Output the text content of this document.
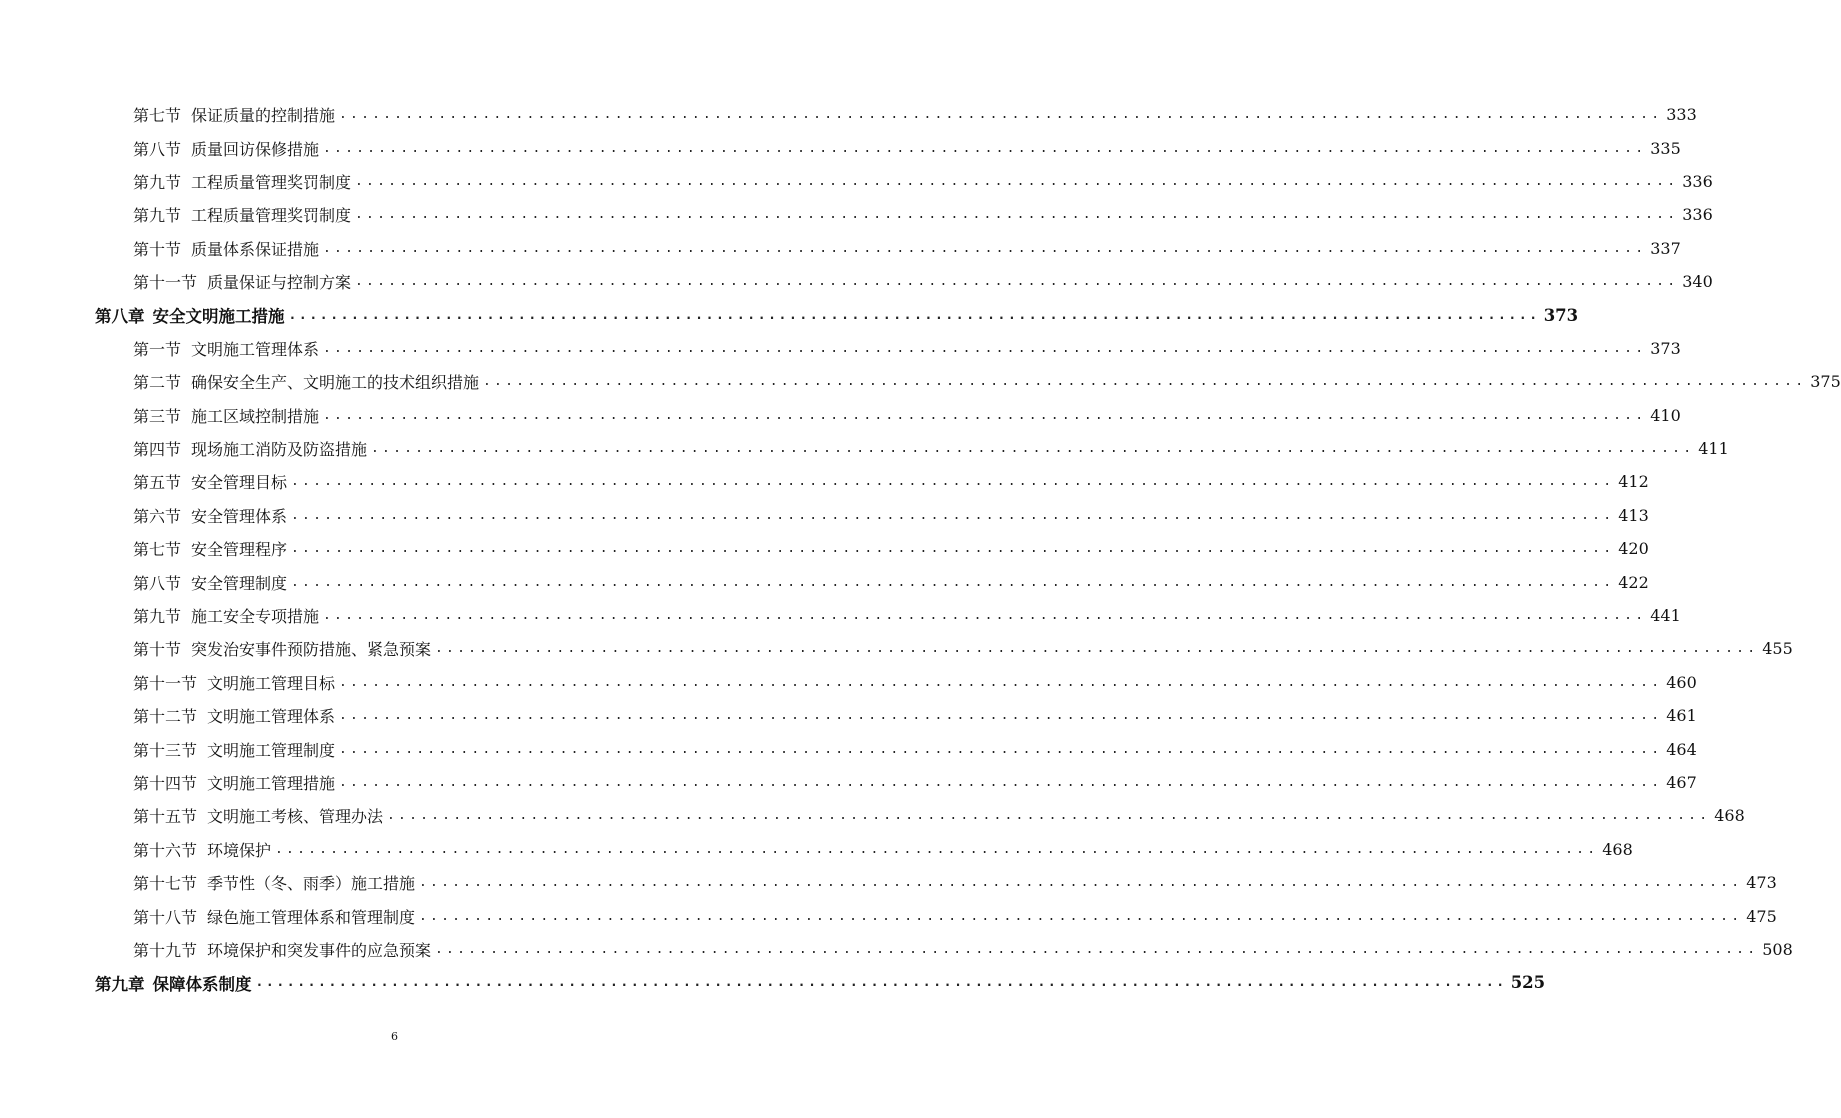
第七节 保证质量的控制措施 ........................................................................................................................ 333
第八节 质量回访保修措施 ........................................................................................................................ 335
第九节 工程质量管理奖罚制度 ........................................................................................................................ 336
第九节 工程质量管理奖罚制度 ........................................................................................................................ 336
第十节 质量体系保证措施 ........................................................................................................................ 337
第十一节 质量保证与控制方案 ........................................................................................................................ 340
第八章 安全文明施工措施 ........................................................................................................................ 373
第一节 文明施工管理体系 ........................................................................................................................ 373
第二节 确保安全生产、文明施工的技术组织措施 ........................................................................................................................ 375
第三节 施工区域控制措施 ........................................................................................................................ 410
第四节 现场施工消防及防盗措施 ........................................................................................................................ 411
第五节 安全管理目标 ........................................................................................................................ 412
第六节 安全管理体系 ........................................................................................................................ 413
第七节 安全管理程序 ........................................................................................................................ 420
第八节 安全管理制度 ........................................................................................................................ 422
第九节 施工安全专项措施 ........................................................................................................................ 441
第十节 突发治安事件预防措施、紧急预案 ........................................................................................................................ 455
第十一节 文明施工管理目标 ........................................................................................................................ 460
第十二节 文明施工管理体系 ........................................................................................................................ 461
第十三节 文明施工管理制度 ........................................................................................................................ 464
第十四节 文明施工管理措施 ........................................................................................................................ 467
第十五节 文明施工考核、管理办法 ........................................................................................................................ 468
第十六节 环境保护 ........................................................................................................................ 468
第十七节 季节性（冬、雨季）施工措施 ........................................................................................................................ 473
第十八节 绿色施工管理体系和管理制度 ........................................................................................................................ 475
第十九节 环境保护和突发事件的应急预案 ........................................................................................................................ 508
第九章 保障体系制度 ........................................................................................................................ 525
6
